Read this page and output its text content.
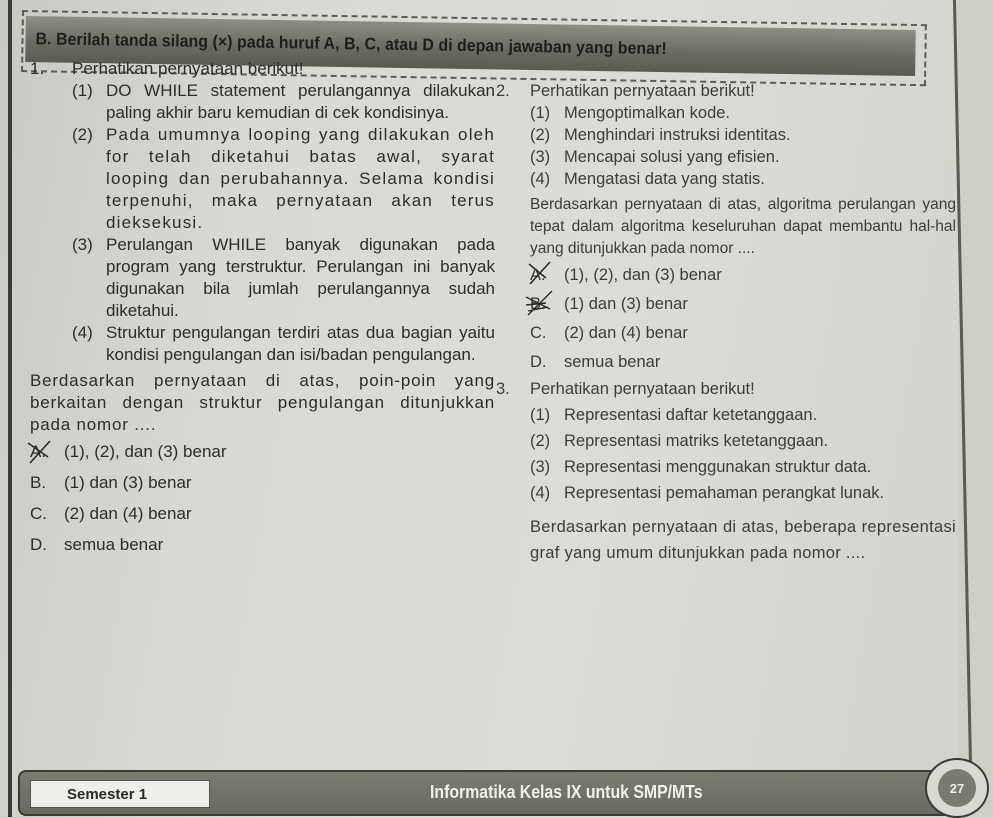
B. Berilah tanda silang (×) pada huruf A, B, C, atau D di depan jawaban yang benar!
1.	Perhatikan pernyataan berikut!
(1) DO WHILE statement perulangannya dilakukan paling akhir baru kemudian di cek kondisinya.
(2) Pada umumnya looping yang dilakukan oleh for telah diketahui batas awal, syarat looping dan perubahannya. Selama kondisi terpenuhi, maka pernyataan akan terus dieksekusi.
(3) Perulangan WHILE banyak digunakan pada program yang terstruktur. Perulangan ini banyak digunakan bila jumlah perulangannya sudah diketahui.
(4) Struktur pengulangan terdiri atas dua bagian yaitu kondisi pengulangan dan isi/badan pengulangan.
Berdasarkan pernyataan di atas, poin-poin yang berkaitan dengan struktur pengulangan ditunjukkan pada nomor ....
A.	(1), (2), dan (3) benar
B.	(1) dan (3) benar
C.	(2) dan (4) benar
D.	semua benar
2.	Perhatikan pernyataan berikut!
(1) Mengoptimalkan kode.
(2) Menghindari instruksi identitas.
(3) Mencapai solusi yang efisien.
(4) Mengatasi data yang statis.
Berdasarkan pernyataan di atas, algoritma perulangan yang tepat dalam algoritma keseluruhan dapat membantu hal-hal yang ditunjukkan pada nomor ....
A.	(1), (2), dan (3) benar
B.	(1) dan (3) benar
C.	(2) dan (4) benar
D.	semua benar
3.	Perhatikan pernyataan berikut!
(1) Representasi daftar ketetanggaan.
(2) Representasi matriks ketetanggaan.
(3) Representasi menggunakan struktur data.
(4) Representasi pemahaman perangkat lunak.
Berdasarkan pernyataan di atas, beberapa representasi graf yang umum ditunjukkan pada nomor ....
Semester 1	Informatika Kelas IX untuk SMP/MTs	27
